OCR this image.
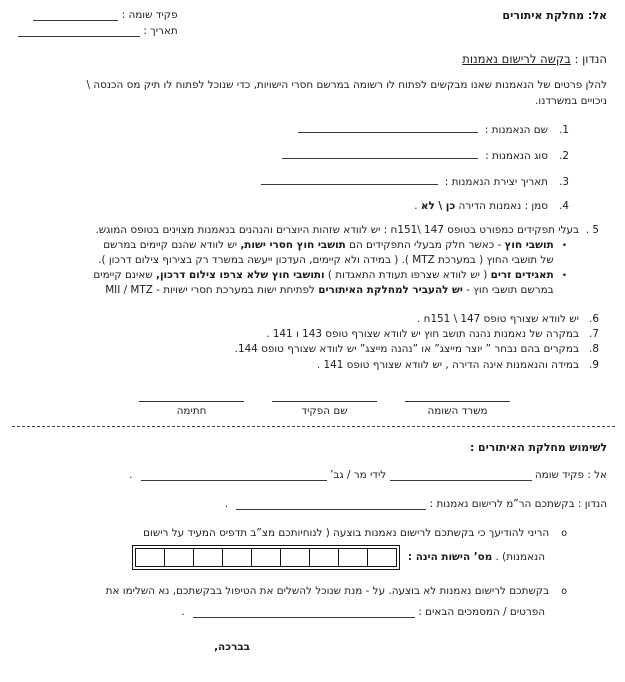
אל: מחלקת איתורים
פקיד שומה :
תאריך :
הנדון : בקשה לרישום נאמנות
להלן פרטים של הנאמנות שאנו מבקשים לפתוח לו רשומה במרשם חסרי הישויות, כדי שנוכל לפתוח לו תיק מס הכנסה \
ניכויים במשרדנו.
1.
שם הנאמנות :
2.
סוג הנאמנות :
3.
תאריך יצירת הנאמנות :
4.
סמן : נאמנות הדירה כן \ לא .
5 .
בעלי תפקידים כמפורט בטופס 147 \151ח : יש לוודא שזהות היוצרים והנהנים בנאמנות מצוינים בטופס המוגש.
•
תושבי חוץ - כאשר חלק מבעלי התפקידים הם תושבי חוץ חסרי ישות, יש לוודא שהנם קיימים במרשם
של תושבי החוץ ( במערכת MTZ ). ( במידה ולא קיימים, העדכון ייעשה במשרד רק בצירוף צילום דרכון ).
•
תאגידים זרים ( יש לוודא שצרפו תעודת התאגדות ) ותושבי חוץ שלא צרפו צילום דרכון, שאינם קיימים
במרשם תושבי חוץ - יש להעביר למחלקת האיתורים לפתיחת ישות במערכת חסרי ישויות - MII / MTZ
6.
יש לוודא שצורף טופס 147 \ 151ח .
7.
במקרה של נאמנות נהנה תושב חוץ יש לוודא שצורף טופס 143 ו 141 .
8.
במקרים בהם נבחר ” יוצר מייצג” או ”נהנה מייצג” יש לוודא שצורף טופס 144.
9.
במידה והנאמנות אינה הדירה , יש לוודא שצורף טופס 141 .
משרד השומה
שם הפקיד
חתימה
לשימוש מחלקת האיתורים :
אל : פקיד שומה  לידי מר / גב’  .
הנדון : בקשתכם הר”מ לרישום נאמנות :  .
o
הריני להודיעך כי בקשתכם לרישום נאמנות בוצעה ( לנוחיותכם מצ”ב תדפיס המעיד על רישום
הנאמנות) . מס’ הישות הינה :
o
בקשתכם לרישום נאמנות לא בוצעה. על - מנת שנוכל להשלים את הטיפול בבקשתכם, נא השלימו את
הפרטים / המסמכים הבאים :  .
בברכה,
